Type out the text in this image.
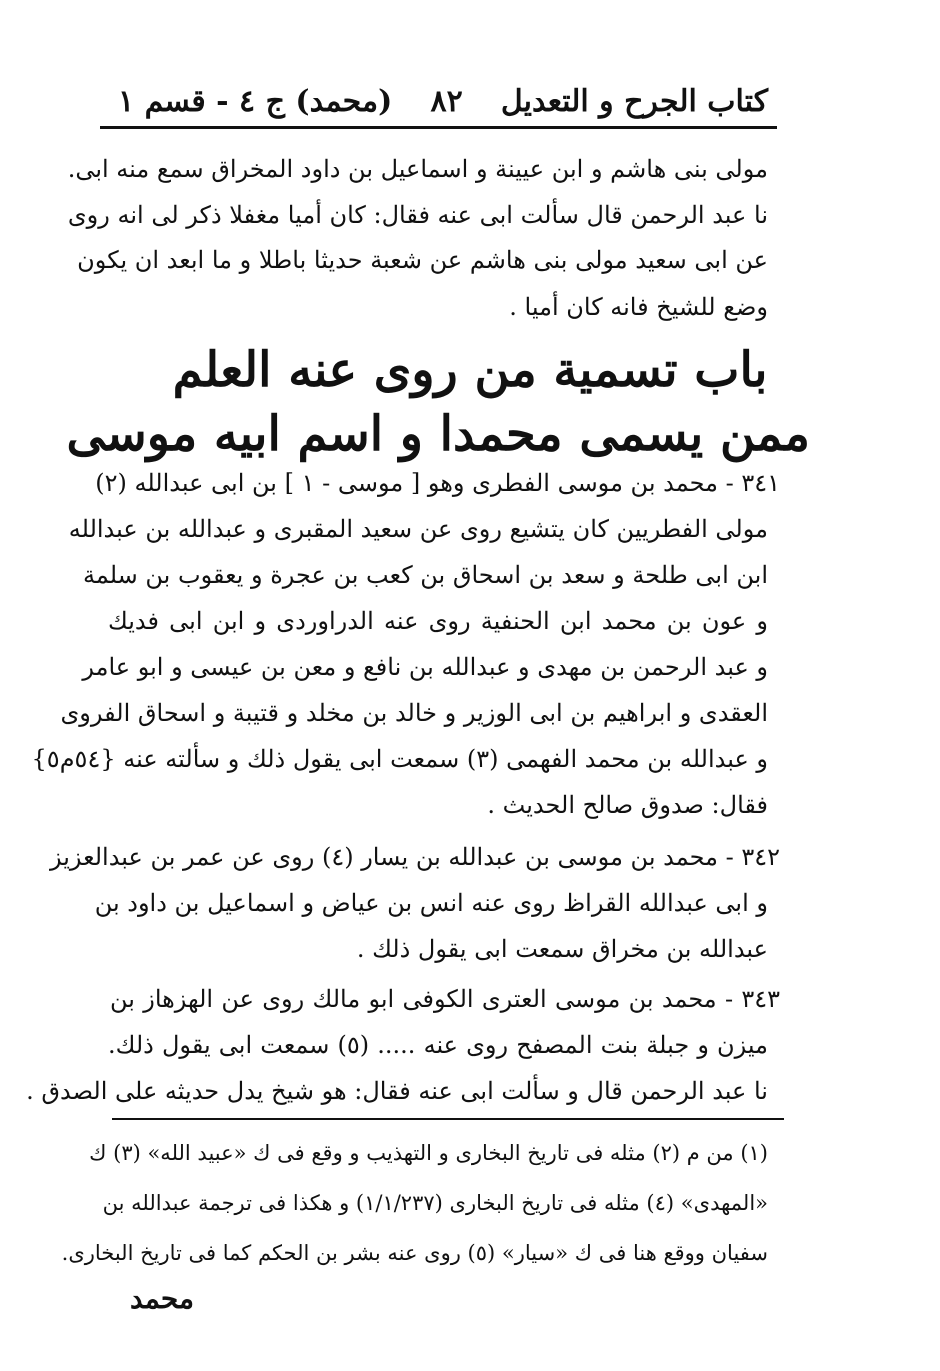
كتاب الجرح و التعديل
٨٢
(محمد) ج ٤ - قسم ١
مولى بنى هاشم و ابن عيينة و اسماعيل بن داود المخراق سمع منه ابى.
نا عبد الرحمن قال سألت ابى عنه فقال: كان أميا مغفلا ذكر لى انه روى
عن ابى سعيد مولى بنى هاشم عن شعبة حديثا باطلا و ما ابعد ان يكون
وضع للشيخ فانه كان أميا .
باب تسمية من روى عنه العلم
ممن يسمى محمدا و اسم ابيه موسى
٣٤١ - محمد بن موسى الفطرى وهو [ موسى - ١ ] بن ابى عبدالله (٢)
مولى الفطريين كان يتشيع روى عن سعيد المقبرى و عبدالله بن عبدالله
ابن ابى طلحة و سعد بن اسحاق بن كعب بن عجرة و يعقوب بن سلمة
و عون بن محمد ابن الحنفية روى عنه الدراوردى و ابن ابى فديك
و عبد الرحمن بن مهدى و عبدالله بن نافع و معن بن عيسى و ابو عامر
العقدى و ابراهيم بن ابى الوزير و خالد بن مخلد و قتيبة و اسحاق الفروى
و عبدالله بن محمد الفهمى (٣) سمعت ابى يقول ذلك و سألته عنه {٥٤م٥}
فقال: صدوق صالح الحديث .
٣٤٢ - محمد بن موسى بن عبدالله بن يسار (٤) روى عن عمر بن عبدالعزيز
و ابى عبدالله القراظ روى عنه انس بن عياض و اسماعيل بن داود بن
عبدالله بن مخراق سمعت ابى يقول ذلك .
٣٤٣ - محمد بن موسى العترى الكوفى ابو مالك روى عن الهزهاز بن
ميزن و جبلة بنت المصفح روى عنه ..... (٥) سمعت ابى يقول ذلك.
نا عبد الرحمن قال و سألت ابى عنه فقال: هو شيخ يدل حديثه على الصدق .
(١) من م (٢) مثله فى تاريخ البخارى و التهذيب و وقع فى ك «عبيد الله» (٣) ك
«المهدى» (٤) مثله فى تاريخ البخارى (١/١/٢٣٧) و هكذا فى ترجمة عبدالله بن
سفيان ووقع هنا فى ك «سيار» (٥) روى عنه بشر بن الحكم كما فى تاريخ البخارى.
محمد
